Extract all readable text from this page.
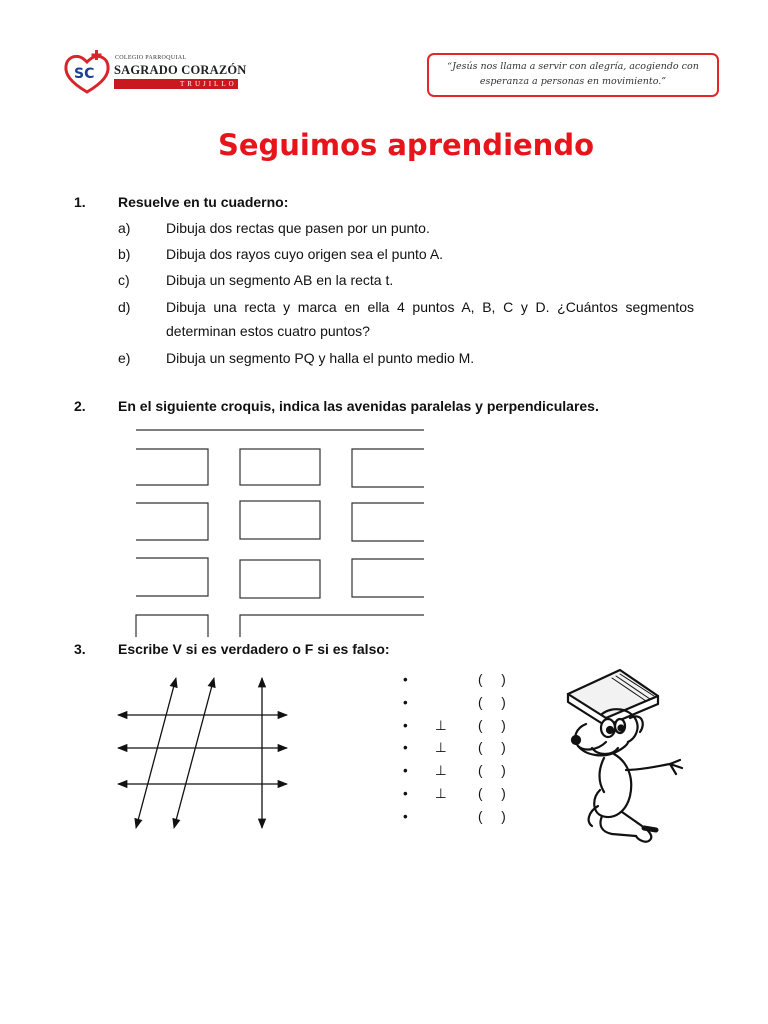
SC
COLEGIO PARROQUIAL
SAGRADO CORAZÓN
TRUJILLO
“Jesús nos llama a servir con alegría, acogiendo con esperanza a personas en movimiento.”
Seguimos aprendiendo
1. Resuelve en tu cuaderno:
a)	Dibuja dos rectas que pasen por un punto.
b)	Dibuja dos rayos cuyo origen sea el punto A.
c)	Dibuja un segmento AB en la recta t.
d)	Dibuja una recta y marca en ella 4 puntos A, B, C y D. ¿Cuántos segmentos determinan estos cuatro puntos?
e)	Dibuja un segmento PQ y halla el punto medio M.
2. En el siguiente croquis, indica las avenidas paralelas y perpendiculares.
3. Escribe V si es verdadero o F si es falso:
•	(     )
•	(     )
• ⊥ (     )
• ⊥ (     )
• ⊥ (     )
• ⊥ (     )
•	(     )
